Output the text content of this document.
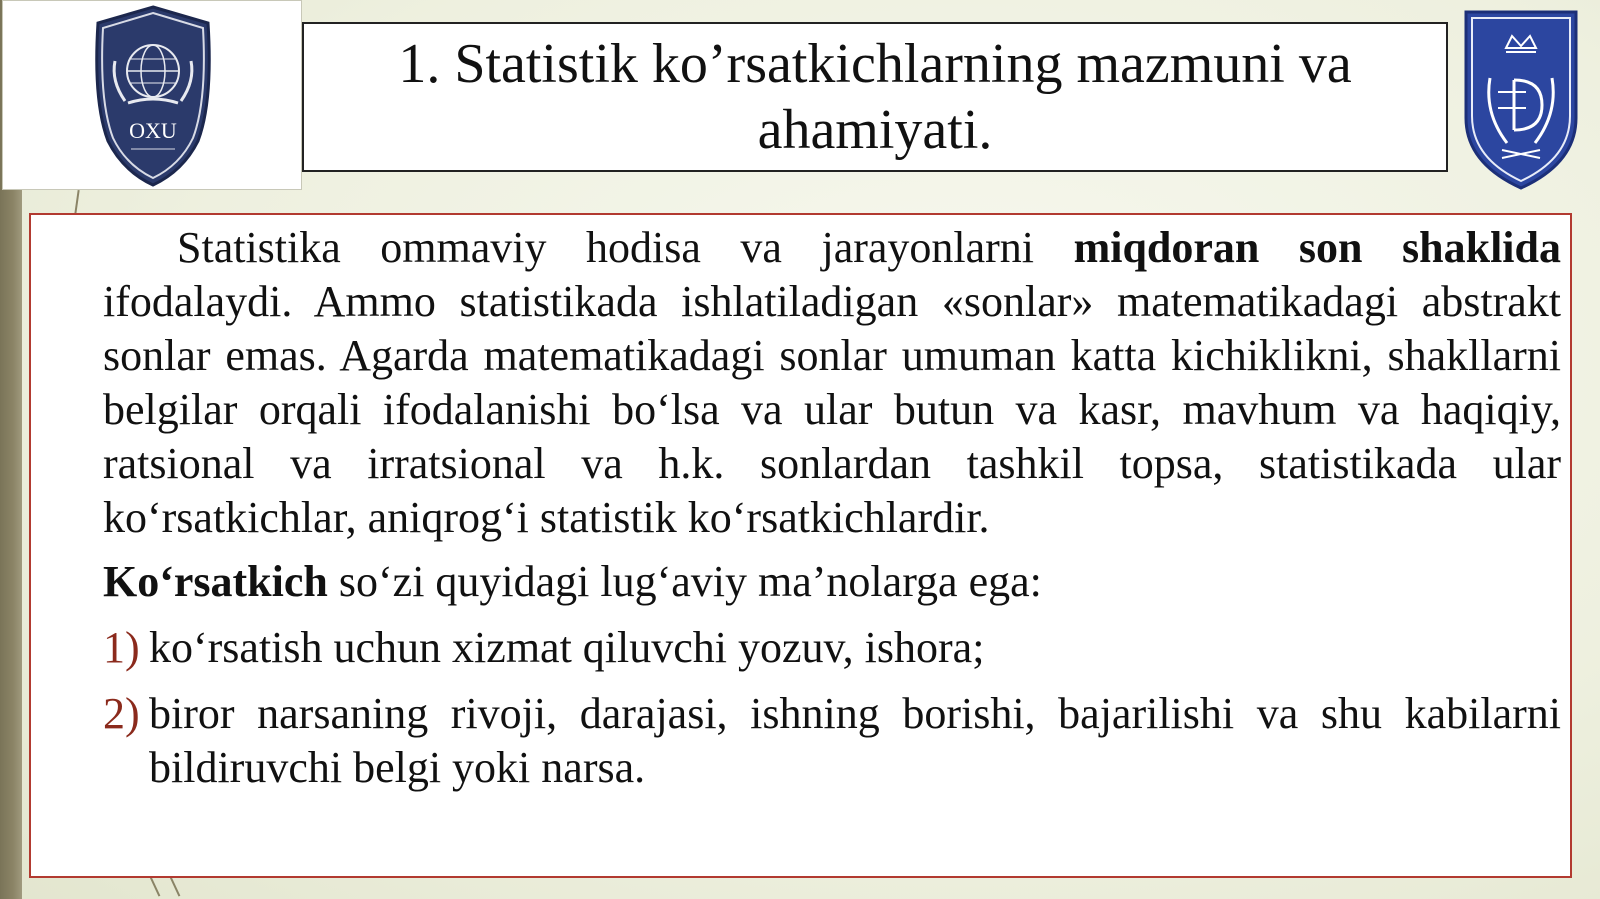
OXU
1. Statistik ko’rsatkichlarning mazmuni va ahamiyati.

Statistika ommaviy hodisa va jarayonlarni miqdoran son shaklida ifodalaydi. Ammo statistikada ishlatiladigan «sonlar» matematikadagi abstrakt sonlar emas. Agarda matematikadagi sonlar umuman katta kichiklikni, shakllarni belgilar orqali ifodalanishi bo‘lsa va ular butun va kasr, mavhum va haqiqiy, ratsional va irratsional va h.k. sonlardan tashkil topsa, statistikada ular ko‘rsatkichlar, aniqrog‘i statistik ko‘rsatkichlardir.

Ko‘rsatkich so‘zi quyidagi lug‘aviy ma’nolarga ega:

1) ko‘rsatish uchun xizmat qiluvchi yozuv, ishora;
2) biror narsaning rivoji, darajasi, ishning borishi, bajarilishi va shu kabilarni bildiruvchi belgi yoki narsa.
